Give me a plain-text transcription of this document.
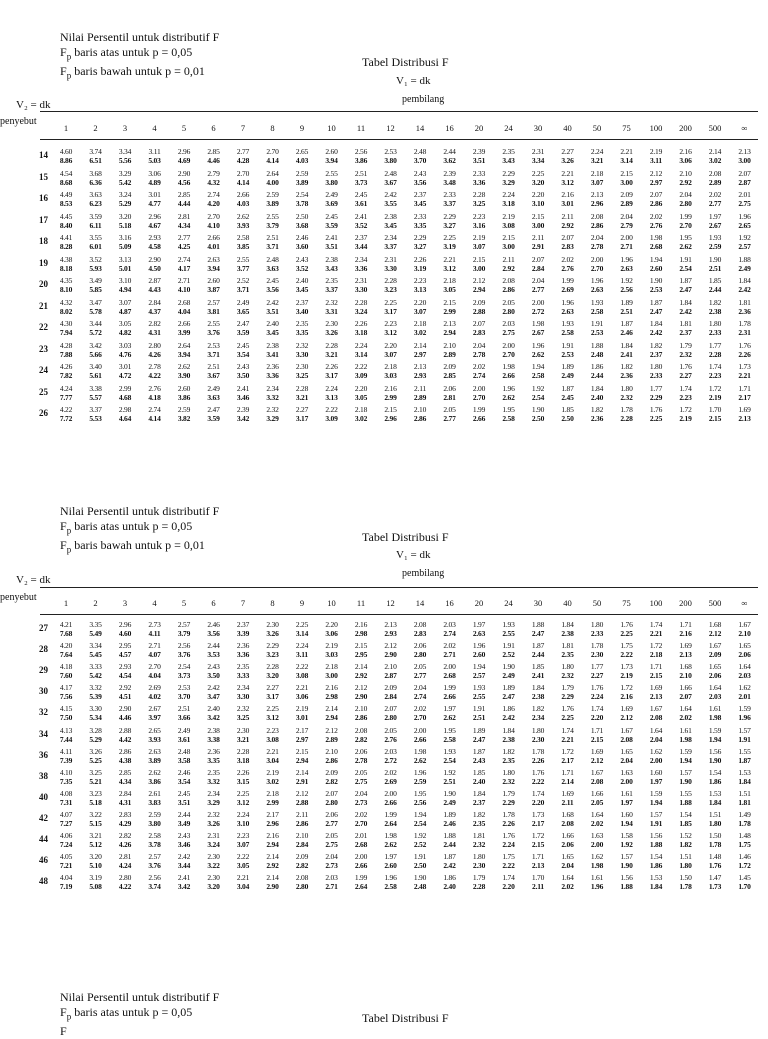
Nilai Persentil untuk distributif F
$F_p$ baris atas untuk p = 0,05
$F_p$ baris bawah untuk p = 0,01
Tabel Distribusi F
V₁ = dk
pembilang
V₂ = dk
penyebut
1	2	3	4	5	6	7	8	9	10	11	12	14	16	20	24	30	40	50	75	100	200	500	∞
14	4.60	3.74	3.34	3.11	2.96	2.85	2.77	2.70	2.65	2.60	2.56	2.53	2.48	2.44	2.39	2.35	2.31	2.27	2.24	2.21	2.19	2.16	2.14	2.13
8.86	6.51	5.56	5.03	4.69	4.46	4.28	4.14	4.03	3.94	3.86	3.80	3.70	3.62	3.51	3.43	3.34	3.26	3.21	3.14	3.11	3.06	3.02	3.00
15	4.54	3.68	3.29	3.06	2.90	2.79	2.70	2.64	2.59	2.55	2.51	2.48	2.43	2.39	2.33	2.29	2.25	2.21	2.18	2.15	2.12	2.10	2.08	2.07
8.68	6.36	5.42	4.89	4.56	4.32	4.14	4.00	3.89	3.80	3.73	3.67	3.56	3.48	3.36	3.29	3.20	3.12	3.07	3.00	2.97	2.92	2.89	2.87
16	4.49	3.63	3.24	3.01	2.85	2.74	2.66	2.59	2.54	2.49	2.45	2.42	2.37	2.33	2.28	2.24	2.20	2.16	2.13	2.09	2.07	2.04	2.02	2.01
8.53	6.23	5.29	4.77	4.44	4.20	4.03	3.89	3.78	3.69	3.61	3.55	3.45	3.37	3.25	3.18	3.10	3.01	2.96	2.89	2.86	2.80	2.77	2.75
17	4.45	3.59	3.20	2.96	2.81	2.70	2.62	2.55	2.50	2.45	2.41	2.38	2.33	2.29	2.23	2.19	2.15	2.11	2.08	2.04	2.02	1.99	1.97	1.96
8.40	6.11	5.18	4.67	4.34	4.10	3.93	3.79	3.68	3.59	3.52	3.45	3.35	3.27	3.16	3.08	3.00	2.92	2.86	2.79	2.76	2.70	2.67	2.65
18	4.41	3.55	3.16	2.93	2.77	2.66	2.58	2.51	2.46	2.41	2.37	2.34	2.29	2.25	2.19	2.15	2.11	2.07	2.04	2.00	1.98	1.95	1.93	1.92
8.28	6.01	5.09	4.58	4.25	4.01	3.85	3.71	3.60	3.51	3.44	3.37	3.27	3.19	3.07	3.00	2.91	2.83	2.78	2.71	2.68	2.62	2.59	2.57
19	4.38	3.52	3.13	2.90	2.74	2.63	2.55	2.48	2.43	2.38	2.34	2.31	2.26	2.21	2.15	2.11	2.07	2.02	2.00	1.96	1.94	1.91	1.90	1.88
8.18	5.93	5.01	4.50	4.17	3.94	3.77	3.63	3.52	3.43	3.36	3.30	3.19	3.12	3.00	2.92	2.84	2.76	2.70	2.63	2.60	2.54	2.51	2.49
20	4.35	3.49	3.10	2.87	2.71	2.60	2.52	2.45	2.40	2.35	2.31	2.28	2.23	2.18	2.12	2.08	2.04	1.99	1.96	1.92	1.90	1.87	1.85	1.84
8.10	5.85	4.94	4.43	4.10	3.87	3.71	3.56	3.45	3.37	3.30	3.23	3.13	3.05	2.94	2.86	2.77	2.69	2.63	2.56	2.53	2.47	2.44	2.42
21	4.32	3.47	3.07	2.84	2.68	2.57	2.49	2.42	2.37	2.32	2.28	2.25	2.20	2.15	2.09	2.05	2.00	1.96	1.93	1.89	1.87	1.84	1.82	1.81
8.02	5.78	4.87	4.37	4.04	3.81	3.65	3.51	3.40	3.31	3.24	3.17	3.07	2.99	2.88	2.80	2.72	2.63	2.58	2.51	2.47	2.42	2.38	2.36
22	4.30	3.44	3.05	2.82	2.66	2.55	2.47	2.40	2.35	2.30	2.26	2.23	2.18	2.13	2.07	2.03	1.98	1.93	1.91	1.87	1.84	1.81	1.80	1.78
7.94	5.72	4.82	4.31	3.99	3.76	3.59	3.45	3.35	3.26	3.18	3.12	3.02	2.94	2.83	2.75	2.67	2.58	2.53	2.46	2.42	2.37	2.33	2.31
23	4.28	3.42	3.03	2.80	2.64	2.53	2.45	2.38	2.32	2.28	2.24	2.20	2.14	2.10	2.04	2.00	1.96	1.91	1.88	1.84	1.82	1.79	1.77	1.76
7.88	5.66	4.76	4.26	3.94	3.71	3.54	3.41	3.30	3.21	3.14	3.07	2.97	2.89	2.78	2.70	2.62	2.53	2.48	2.41	2.37	2.32	2.28	2.26
24	4.26	3.40	3.01	2.78	2.62	2.51	2.43	2.36	2.30	2.26	2.22	2.18	2.13	2.09	2.02	1.98	1.94	1.89	1.86	1.82	1.80	1.76	1.74	1.73
7.82	5.61	4.72	4.22	3.90	3.67	3.50	3.36	3.25	3.17	3.09	3.03	2.93	2.85	2.74	2.66	2.58	2.49	2.44	2.36	2.33	2.27	2.23	2.21
25	4.24	3.38	2.99	2.76	2.60	2.49	2.41	2.34	2.28	2.24	2.20	2.16	2.11	2.06	2.00	1.96	1.92	1.87	1.84	1.80	1.77	1.74	1.72	1.71
7.77	5.57	4.68	4.18	3.86	3.63	3.46	3.32	3.21	3.13	3.05	2.99	2.89	2.81	2.70	2.62	2.54	2.45	2.40	2.32	2.29	2.23	2.19	2.17
26	4.22	3.37	2.98	2.74	2.59	2.47	2.39	2.32	2.27	2.22	2.18	2.15	2.10	2.05	1.99	1.95	1.90	1.85	1.82	1.78	1.76	1.72	1.70	1.69
7.72	5.53	4.64	4.14	3.82	3.59	3.42	3.29	3.17	3.09	3.02	2.96	2.86	2.77	2.66	2.58	2.50	2.50	2.36	2.28	2.25	2.19	2.15	2.13
Nilai Persentil untuk distributif F
$F_p$ baris atas untuk p = 0,05
$F_p$ baris bawah untuk p = 0,01
Tabel Distribusi F
V₁ = dk
pembilang
V₂ = dk
penyebut	1	2	3	4	5	6	7	8	9	10	11	12	14	16	20	24	30	40	50	75	100	200	500	∞
27	4.21	3.35	2.96	2.73	2.57	2.46	2.37	2.30	2.25	2.20	2.16	2.13	2.08	2.03	1.97	1.93	1.88	1.84	1.80	1.76	1.74	1.71	1.68	1.67
7.68	5.49	4.60	4.11	3.79	3.56	3.39	3.26	3.14	3.06	2.98	2.93	2.83	2.74	2.63	2.55	2.47	2.38	2.33	2.25	2.21	2.16	2.12	2.10
28	4.20	3.34	2.95	2.71	2.56	2.44	2.36	2.29	2.24	2.19	2.15	2.12	2.06	2.02	1.96	1.91	1.87	1.81	1.78	1.75	1.72	1.69	1.67	1.65
7.64	5.45	4.57	4.07	3.76	3.53	3.36	3.23	3.11	3.03	2.95	2.90	2.80	2.71	2.60	2.52	2.44	2.35	2.30	2.22	2.18	2.13	2.09	2.06
29	4.18	3.33	2.93	2.70	2.54	2.43	2.35	2.28	2.22	2.18	2.14	2.10	2.05	2.00	1.94	1.90	1.85	1.80	1.77	1.73	1.71	1.68	1.65	1.64
7.60	5.42	4.54	4.04	3.73	3.50	3.33	3.20	3.08	3.00	2.92	2.87	2.77	2.68	2.57	2.49	2.41	2.32	2.27	2.19	2.15	2.10	2.06	2.03
30	4.17	3.32	2.92	2.69	2.53	2.42	2.34	2.27	2.21	2.16	2.12	2.09	2.04	1.99	1.93	1.89	1.84	1.79	1.76	1.72	1.69	1.66	1.64	1.62
7.56	5.39	4.51	4.02	3.70	3.47	3.30	3.17	3.06	2.98	2.90	2.84	2.74	2.66	2.55	2.47	2.38	2.29	2.24	2.16	2.13	2.07	2.03	2.01
32	4.15	3.30	2.90	2.67	2.51	2.40	2.32	2.25	2.19	2.14	2.10	2.07	2.02	1.97	1.91	1.86	1.82	1.76	1.74	1.69	1.67	1.64	1.61	1.59
7.50	5.34	4.46	3.97	3.66	3.42	3.25	3.12	3.01	2.94	2.86	2.80	2.70	2.62	2.51	2.42	2.34	2.25	2.20	2.12	2.08	2.02	1.98	1.96
34	4.13	3.28	2.88	2.65	2.49	2.38	2.30	2.23	2.17	2.12	2.08	2.05	2.00	1.95	1.89	1.84	1.80	1.74	1.71	1.67	1.64	1.61	1.59	1.57
7.44	5.29	4.42	3.93	3.61	3.38	3.21	3.08	2.97	2.89	2.82	2.76	2.66	2.58	2.47	2.38	2.30	2.21	2.15	2.08	2.04	1.98	1.94	1.91
36	4.11	3.26	2.86	2.63	2.48	2.36	2.28	2.21	2.15	2.10	2.06	2.03	1.98	1.93	1.87	1.82	1.78	1.72	1.69	1.65	1.62	1.59	1.56	1.55
7.39	5.25	4.38	3.89	3.58	3.35	3.18	3.04	2.94	2.86	2.78	2.72	2.62	2.54	2.43	2.35	2.26	2.17	2.12	2.04	2.00	1.94	1.90	1.87
38	4.10	3.25	2.85	2.62	2.46	2.35	2.26	2.19	2.14	2.09	2.05	2.02	1.96	1.92	1.85	1.80	1.76	1.71	1.67	1.63	1.60	1.57	1.54	1.53
7.35	5.21	4.34	3.86	3.54	3.32	3.15	3.02	2.91	2.82	2.75	2.69	2.59	2.51	2.40	2.32	2.22	2.14	2.08	2.00	1.97	1.90	1.86	1.84
40	4.08	3.23	2.84	2.61	2.45	2.34	2.25	2.18	2.12	2.07	2.04	2.00	1.95	1.90	1.84	1.79	1.74	1.69	1.66	1.61	1.59	1.55	1.53	1.51
7.31	5.18	4.31	3.83	3.51	3.29	3.12	2.99	2.88	2.80	2.73	2.66	2.56	2.49	2.37	2.29	2.20	2.11	2.05	1.97	1.94	1.88	1.84	1.81
42	4.07	3.22	2.83	2.59	2.44	2.32	2.24	2.17	2.11	2.06	2.02	1.99	1.94	1.89	1.82	1.78	1.73	1.68	1.64	1.60	1.57	1.54	1.51	1.49
7.27	5.15	4.29	3.80	3.49	3.26	3.10	2.96	2.86	2.77	2.70	2.64	2.54	2.46	2.35	2.26	2.17	2.08	2.02	1.94	1.91	1.85	1.80	1.78
44	4.06	3.21	2.82	2.58	2.43	2.31	2.23	2.16	2.10	2.05	2.01	1.98	1.92	1.88	1.81	1.76	1.72	1.66	1.63	1.58	1.56	1.52	1.50	1.48
7.24	5.12	4.26	3.78	3.46	3.24	3.07	2.94	2.84	2.75	2.68	2.62	2.52	2.44	2.32	2.24	2.15	2.06	2.00	1.92	1.88	1.82	1.78	1.75
46	4.05	3.20	2.81	2.57	2.42	2.30	2.22	2.14	2.09	2.04	2.00	1.97	1.91	1.87	1.80	1.75	1.71	1.65	1.62	1.57	1.54	1.51	1.48	1.46
7.21	5.10	4.24	3.76	3.44	3.22	3.05	2.92	2.82	2.73	2.66	2.60	2.50	2.42	2.30	2.22	2.13	2.04	1.98	1.90	1.86	1.80	1.76	1.72
48	4.04	3.19	2.80	2.56	2.41	2.30	2.21	2.14	2.08	2.03	1.99	1.96	1.90	1.86	1.79	1.74	1.70	1.64	1.61	1.56	1.53	1.50	1.47	1.45
7.19	5.08	4.22	3.74	3.42	3.20	3.04	2.90	2.80	2.71	2.64	2.58	2.48	2.40	2.28	2.20	2.11	2.02	1.96	1.88	1.84	1.78	1.73	1.70
Nilai Persentil untuk distributif F
$F_p$ baris atas untuk p = 0,05
F
Tabel Distribusi F
